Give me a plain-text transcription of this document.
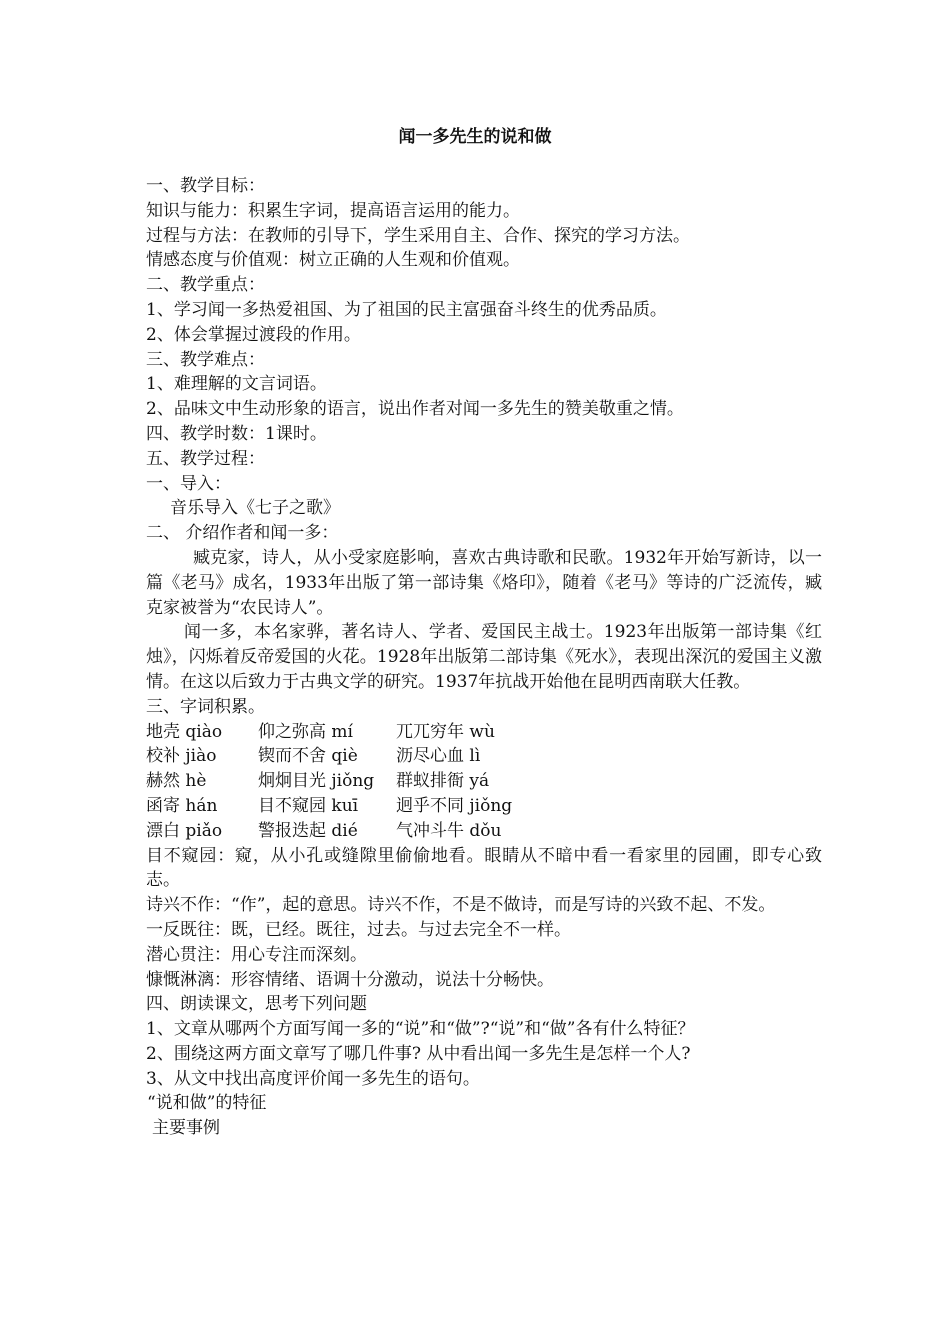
闻一多先生的说和做

一、教学目标：

知识与能力：积累生字词，提高语言运用的能力。

过程与方法：在教师的引导下，学生采用自主、合作、探究的学习方法。

情感态度与价值观：树立正确的人生观和价值观。

二、教学重点：

1、学习闻一多热爱祖国、为了祖国的民主富强奋斗终生的优秀品质。

2、体会掌握过渡段的作用。

三、教学难点：

1、难理解的文言词语。

2、品味文中生动形象的语言，说出作者对闻一多先生的赞美敬重之情。

四、教学时数：1课时。

五、教学过程：

一、导入：

音乐导入《七子之歌》

二、 介绍作者和闻一多：

臧克家，诗人，从小受家庭影响，喜欢古典诗歌和民歌。1932年开始写新诗，以一篇《老马》成名，1933年出版了第一部诗集《烙印》，随着《老马》等诗的广泛流传，臧克家被誉为“农民诗人”。

闻一多，本名家骅，著名诗人、学者、爱国民主战士。1923年出版第一部诗集《红烛》，闪烁着反帝爱国的火花。1928年出版第二部诗集《死水》，表现出深沉的爱国主义激情。在这以后致力于古典文学的研究。1937年抗战开始他在昆明西南联大任教。

三、字词积累。

地壳 qiào	仰之弥高 mí	兀兀穷年 wù
校补 jiào	锲而不舍 qiè	沥尽心血 lì
赫然 hè	炯炯目光 jiǒng	群蚁排衙 yá
函寄 hán	目不窥园 kuī	迥乎不同 jiǒng
漂白 piǎo	警报迭起 dié	气冲斗牛 dǒu

目不窥园：窥，从小孔或缝隙里偷偷地看。眼睛从不暗中看一看家里的园圃，即专心致志。

诗兴不作：“作”，起的意思。诗兴不作，不是不做诗，而是写诗的兴致不起、不发。

一反既往：既，已经。既往，过去。与过去完全不一样。

潜心贯注：用心专注而深刻。

慷慨淋漓：形容情绪、语调十分激动，说法十分畅快。

四、朗读课文，思考下列问题

1、文章从哪两个方面写闻一多的“说”和“做”?“说”和“做”各有什么特征？

2、围绕这两方面文章写了哪几件事? 从中看出闻一多先生是怎样一个人?

3、从文中找出高度评价闻一多先生的语句。

“说和做”的特征

主要事例
